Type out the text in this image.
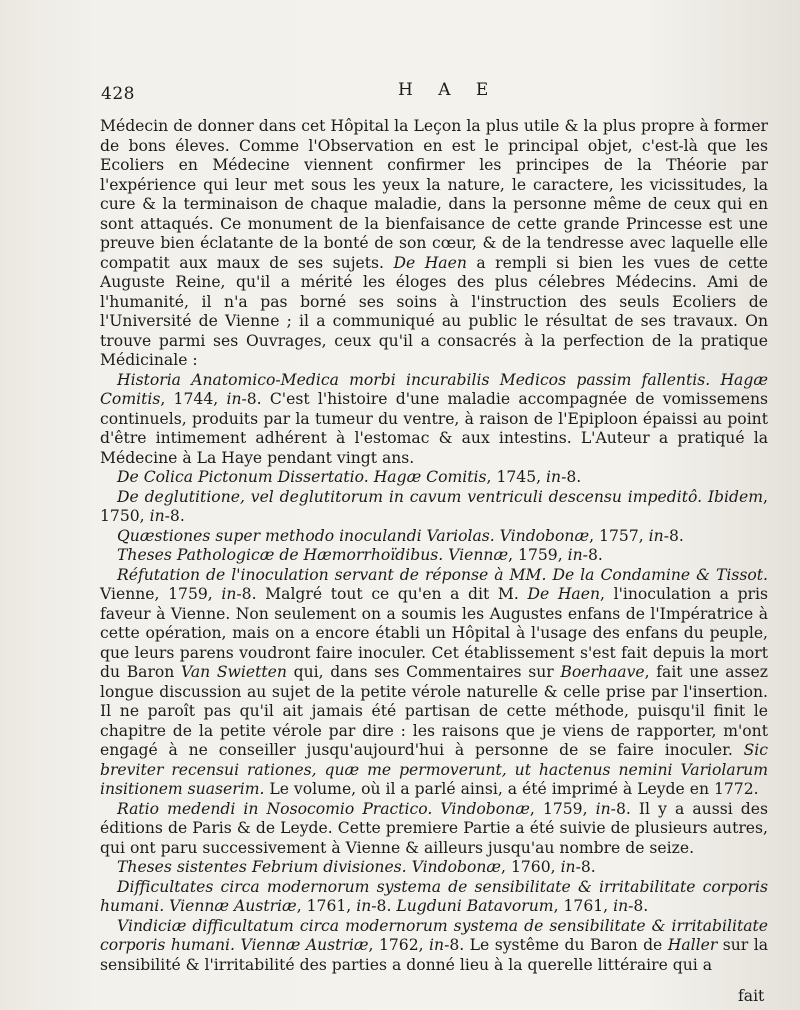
428	H A E

Médecin de donner dans cet Hôpital la Leçon la plus utile & la plus propre à former de bons éleves. Comme l'Observation en est le principal objet, c'est-là que les Ecoliers en Médecine viennent confirmer les principes de la Théorie par l'expérience qui leur met sous les yeux la nature, le caractere, les vicissitudes, la cure & la terminaison de chaque maladie, dans la personne même de ceux qui en sont attaqués. Ce monument de la bienfaisance de cette grande Princesse est une preuve bien éclatante de la bonté de son cœur, & de la tendresse avec laquelle elle compatit aux maux de ses sujets. De Haen a rempli si bien les vues de cette Auguste Reine, qu'il a mérité les éloges des plus célebres Médecins. Ami de l'humanité, il n'a pas borné ses soins à l'instruction des seuls Ecoliers de l'Université de Vienne ; il a communiqué au public le résultat de ses travaux. On trouve parmi ses Ouvrages, ceux qu'il a consacrés à la perfection de la pratique Médicinale :

Historia Anatomico-Medica morbi incurabilis Medicos passim fallentis. Hagæ Comitis, 1744, in-8. C'est l'histoire d'une maladie accompagnée de vomissemens continuels, produits par la tumeur du ventre, à raison de l'Epiploon épaissi au point d'être intimement adhérent à l'estomac & aux intestins. L'Auteur a pratiqué la Médecine à La Haye pendant vingt ans.

De Colica Pictonum Dissertatio. Hagæ Comitis, 1745, in-8.

De deglutitione, vel deglutitorum in cavum ventriculi descensu impeditô. Ibidem, 1750, in-8.

Quæstiones super methodo inoculandi Variolas. Vindobonæ, 1757, in-8.

Theses Pathologicæ de Hæmorrhoïdibus. Viennæ, 1759, in-8.

Réfutation de l'inoculation servant de réponse à MM. De la Condamine & Tissot. Vienne, 1759, in-8. Malgré tout ce qu'en a dit M. De Haen, l'inoculation a pris faveur à Vienne. Non seulement on a soumis les Augustes enfans de l'Impératrice à cette opération, mais on a encore établi un Hôpital à l'usage des enfans du peuple, que leurs parens voudront faire inoculer. Cet établissement s'est fait depuis la mort du Baron Van Swietten qui, dans ses Commentaires sur Boerhaave, fait une assez longue discussion au sujet de la petite vérole naturelle & celle prise par l'insertion. Il ne paroît pas qu'il ait jamais été partisan de cette méthode, puisqu'il finit le chapitre de la petite vérole par dire : les raisons que je viens de rapporter, m'ont engagé à ne conseiller jusqu'aujourd'hui à personne de se faire inoculer. Sic breviter recensui rationes, quæ me permoverunt, ut hactenus nemini Variolarum insitionem suaserim. Le volume, où il a parlé ainsi, a été imprimé à Leyde en 1772.

Ratio medendi in Nosocomio Practico. Vindobonæ, 1759, in-8. Il y a aussi des éditions de Paris & de Leyde. Cette premiere Partie a été suivie de plusieurs autres, qui ont paru successivement à Vienne & ailleurs jusqu'au nombre de seize.

Theses sistentes Febrium divisiones. Vindobonæ, 1760, in-8.

Difficultates circa modernorum systema de sensibilitate & irritabilitate corporis humani. Viennæ Austriæ, 1761, in-8. Lugduni Batavorum, 1761, in-8.

Vindiciæ difficultatum circa modernorum systema de sensibilitate & irritabilitate corporis humani. Viennæ Austriæ, 1762, in-8. Le systême du Baron de Haller sur la sensibilité & l'irritabilité des parties a donné lieu à la querelle littéraire qui a

fait
